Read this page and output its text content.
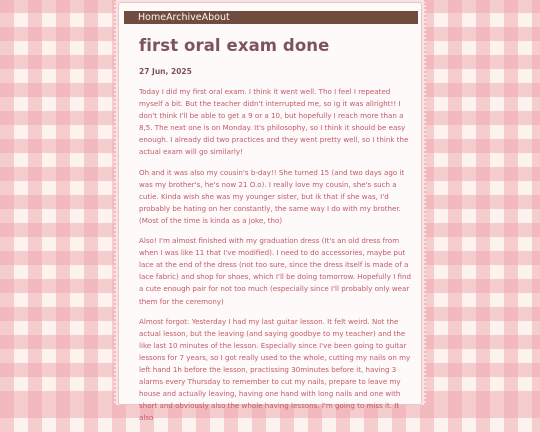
Home Archive About
first oral exam done
27 Jun, 2025

Today I did my first oral exam. I think it went well. Tho I feel I repeated myself a bit. But the teacher didn't interrupted me, so ig it was allright!! I don't think I'll be able to get a 9 or a 10, but hopefully I reach more than a 8,5. The next one is on Monday. It's philosophy, so I think it should be easy enough. I already did two practices and they went pretty well, so I think the actual exam will go similarly!

Oh and it was also my cousin's b-day!! She turned 15 (and two days ago it was my brother's, he's now 21 O.o). I really love my cousin, she's such a cutie. Kinda wish she was my younger sister, but ik that if she was, I'd probably be hating on her constantly, the same way I do with my brother. (Most of the time is kinda as a joke, tho)

Also! I'm almost finished with my graduation dress (It's an old dress from when I was like 11 that I've modified). I need to do accessories, maybe put lace at the end of the dress (not too sure, since the dress itself is made of a lace fabric) and shop for shoes, which I'll be doing tomorrow. Hopefully I find a cute enough pair for not too much (especially since I'll probably only wear them for the ceremony)

Almost forgot: Yesterday I had my last guitar lesson. It felt weird. Not the actual lesson, but the leaving (and saying goodbye to my teacher) and the like last 10 minutes of the lesson. Especially since I've been going to guitar lessons for 7 years, so I got really used to the whole, cutting my nails on my left hand 1h before the lesson, practissing 30minutes before it, having 3 alarms every Thursday to remember to cut my nails, prepare to leave my house and actually leaving, having one hand with long nails and one with short and obviously also the whole having lessons. I'm going to miss it. It also
